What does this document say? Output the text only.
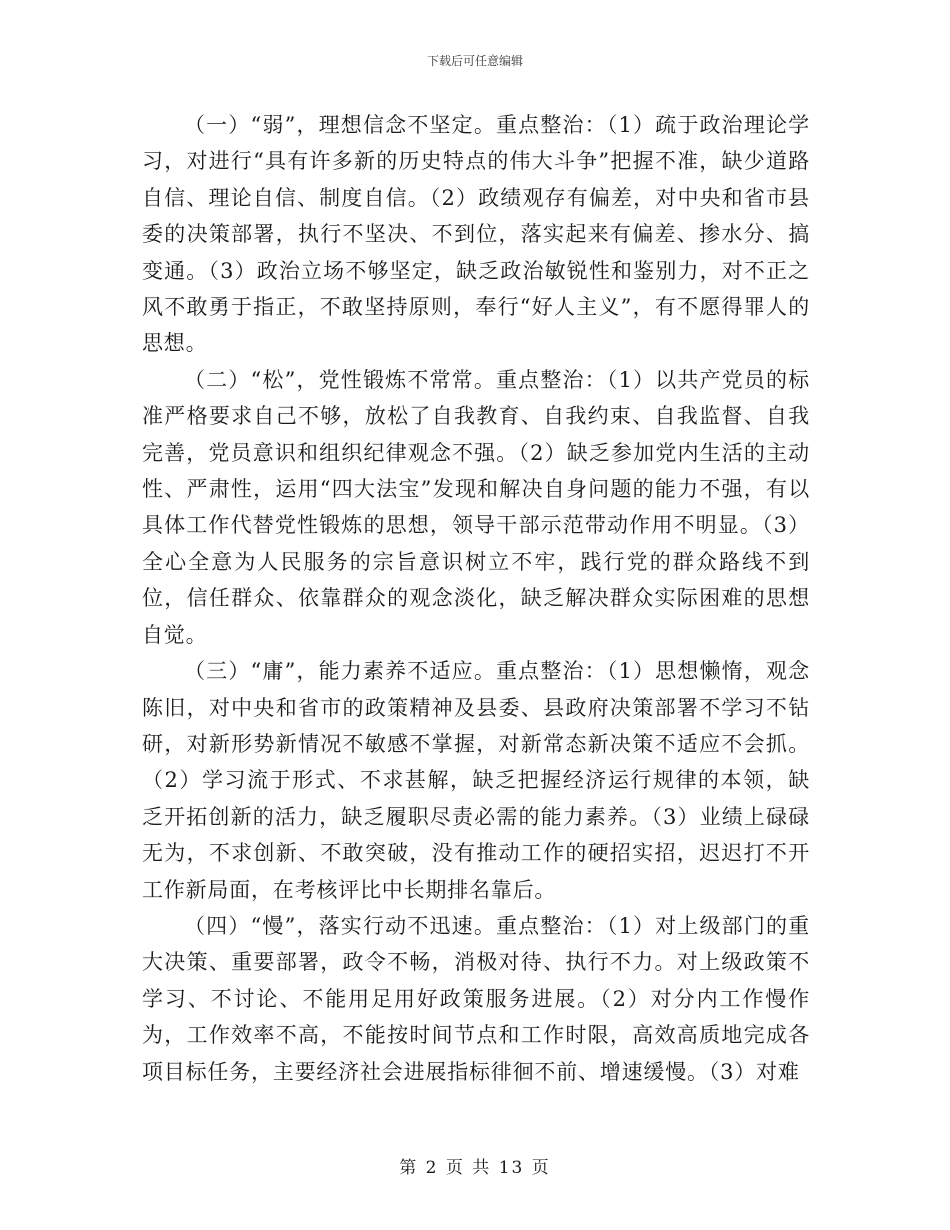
下载后可任意编辑

（一）“弱”，理想信念不坚定。重点整治：（1）疏于政治理论学习，对进行“具有许多新的历史特点的伟大斗争”把握不准，缺少道路自信、理论自信、制度自信。（2）政绩观存有偏差，对中央和省市县委的决策部署，执行不坚决、不到位，落实起来有偏差、掺水分、搞变通。（3）政治立场不够坚定，缺乏政治敏锐性和鉴别力，对不正之风不敢勇于指正，不敢坚持原则，奉行“好人主义”，有不愿得罪人的思想。

（二）“松”，党性锻炼不常常。重点整治：（1）以共产党员的标准严格要求自己不够，放松了自我教育、自我约束、自我监督、自我完善，党员意识和组织纪律观念不强。（2）缺乏参加党内生活的主动性、严肃性，运用“四大法宝”发现和解决自身问题的能力不强，有以具体工作代替党性锻炼的思想，领导干部示范带动作用不明显。（3）全心全意为人民服务的宗旨意识树立不牢，践行党的群众路线不到位，信任群众、依靠群众的观念淡化，缺乏解决群众实际困难的思想自觉。

（三）“庸”，能力素养不适应。重点整治：（1）思想懒惰，观念陈旧，对中央和省市的政策精神及县委、县政府决策部署不学习不钻研，对新形势新情况不敏感不掌握，对新常态新决策不适应不会抓。（2）学习流于形式、不求甚解，缺乏把握经济运行规律的本领，缺乏开拓创新的活力，缺乏履职尽责必需的能力素养。（3）业绩上碌碌无为，不求创新、不敢突破，没有推动工作的硬招实招，迟迟打不开工作新局面，在考核评比中长期排名靠后。

（四）“慢”，落实行动不迅速。重点整治：（1）对上级部门的重大决策、重要部署，政令不畅，消极对待、执行不力。对上级政策不学习、不讨论、不能用足用好政策服务进展。（2）对分内工作慢作为，工作效率不高，不能按时间节点和工作时限，高效高质地完成各项目标任务，主要经济社会进展指标徘徊不前、增速缓慢。（3）对难

第 2 页 共 13 页
